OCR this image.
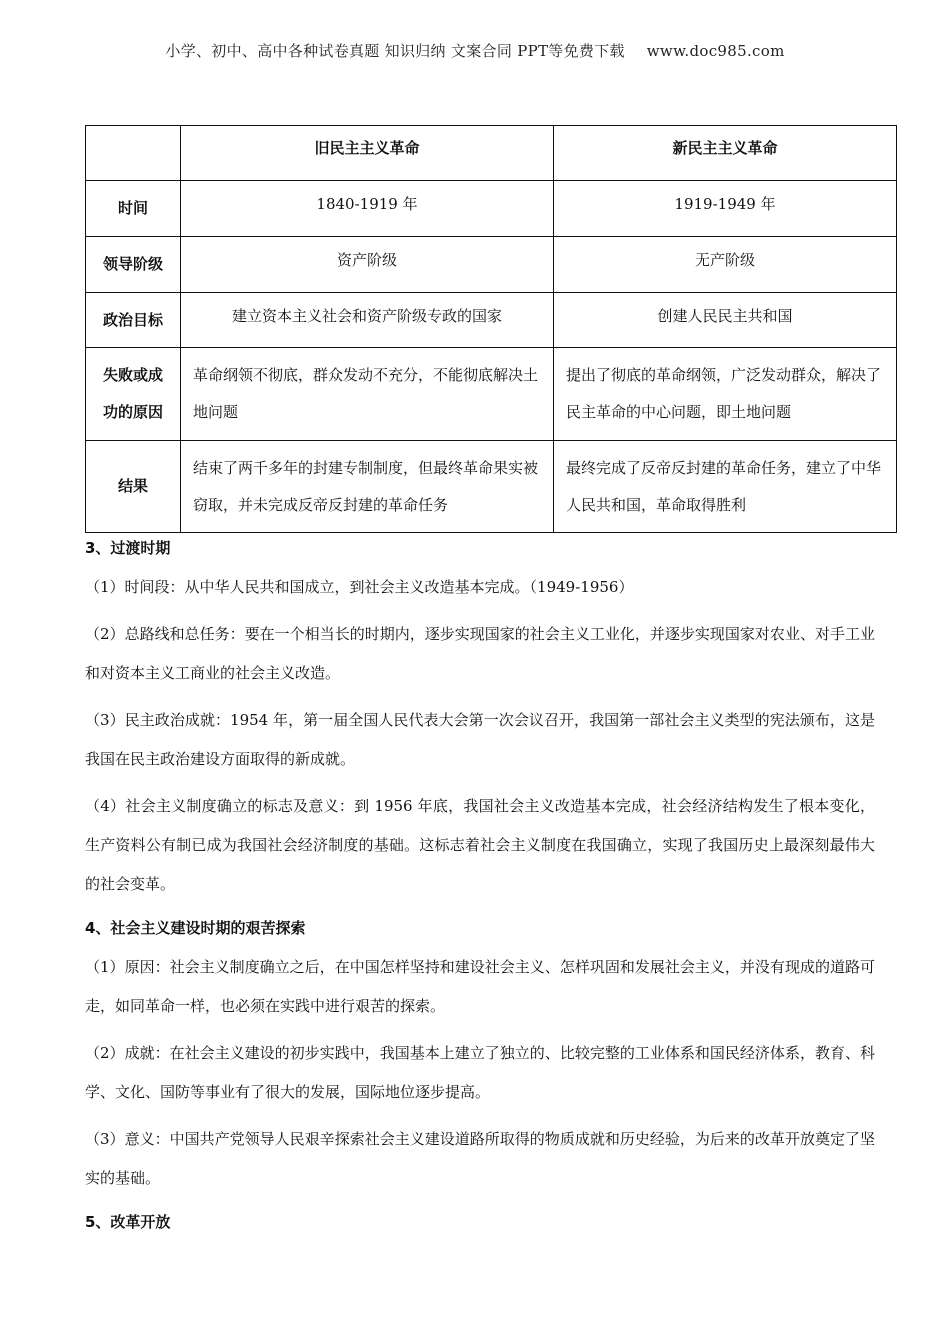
小学、初中、高中各种试卷真题 知识归纳 文案合同 PPT等免费下载 www.doc985.com
	旧民主主义革命	新民主主义革命

时间	1840-1919 年	1919-1949 年

领导阶级	资产阶级	无产阶级

政治目标	建立资本主义社会和资产阶级专政的国家	创建人民民主共和国

失败或成
功的原因	革命纲领不彻底，群众发动不充分，不能彻底解决土地问题	提出了彻底的革命纲领，广泛发动群众，解决了民主革命的中心问题，即土地问题

结果	结束了两千多年的封建专制制度，但最终革命果实被窃取，并未完成反帝反封建的革命任务	最终完成了反帝反封建的革命任务，建立了中华人民共和国，革命取得胜利
3、过渡时期

（1）时间段：从中华人民共和国成立，到社会主义改造基本完成。（1949-1956）

（2）总路线和总任务：要在一个相当长的时期内，逐步实现国家的社会主义工业化，并逐步实现国家对农业、对手工业和对资本主义工商业的社会主义改造。

（3）民主政治成就：1954 年，第一届全国人民代表大会第一次会议召开，我国第一部社会主义类型的宪法颁布，这是我国在民主政治建设方面取得的新成就。

（4）社会主义制度确立的标志及意义：到 1956 年底，我国社会主义改造基本完成，社会经济结构发生了根本变化，生产资料公有制已成为我国社会经济制度的基础。这标志着社会主义制度在我国确立，实现了我国历史上最深刻最伟大的社会变革。

4、社会主义建设时期的艰苦探索

（1）原因：社会主义制度确立之后，在中国怎样坚持和建设社会主义、怎样巩固和发展社会主义，并没有现成的道路可走，如同革命一样，也必须在实践中进行艰苦的探索。

（2）成就：在社会主义建设的初步实践中，我国基本上建立了独立的、比较完整的工业体系和国民经济体系，教育、科学、文化、国防等事业有了很大的发展，国际地位逐步提高。

（3）意义：中国共产党领导人民艰辛探索社会主义建设道路所取得的物质成就和历史经验，为后来的改革开放奠定了坚实的基础。

5、改革开放
